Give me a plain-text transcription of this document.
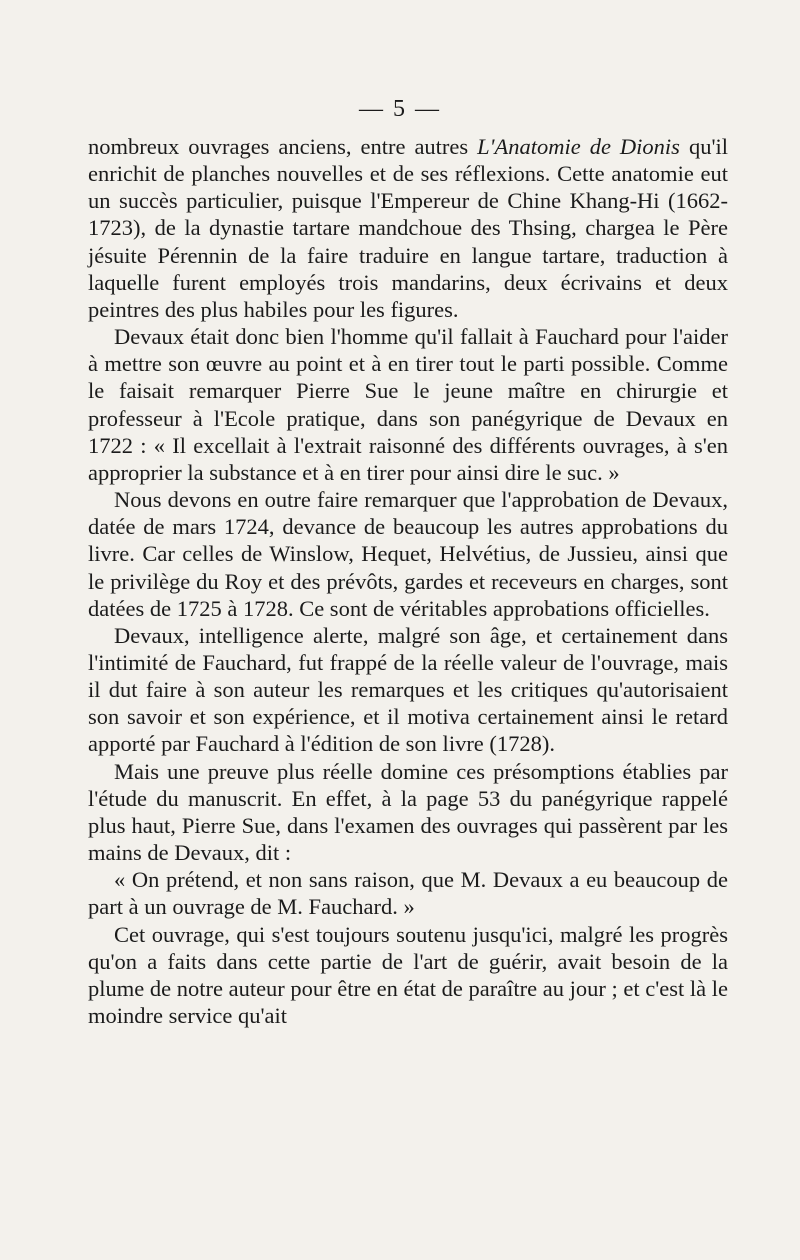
— 5 —

nombreux ouvrages anciens, entre autres L'Anatomie de Dionis qu'il enrichit de planches nouvelles et de ses réflexions. Cette anatomie eut un succès particulier, puisque l'Empereur de Chine Khang-Hi (1662-1723), de la dynastie tartare mandchoue des Thsing, chargea le Père jésuite Pérennin de la faire traduire en langue tartare, traduction à laquelle furent employés trois mandarins, deux écrivains et deux peintres des plus habiles pour les figures.

Devaux était donc bien l'homme qu'il fallait à Fauchard pour l'aider à mettre son œuvre au point et à en tirer tout le parti possible. Comme le faisait remarquer Pierre Sue le jeune maître en chirurgie et professeur à l'Ecole pratique, dans son panégyrique de Devaux en 1722 : « Il excellait à l'extrait raisonné des différents ouvrages, à s'en approprier la substance et à en tirer pour ainsi dire le suc. »

Nous devons en outre faire remarquer que l'approbation de Devaux, datée de mars 1724, devance de beaucoup les autres approbations du livre. Car celles de Winslow, Hequet, Helvétius, de Jussieu, ainsi que le privilège du Roy et des prévôts, gardes et receveurs en charges, sont datées de 1725 à 1728. Ce sont de véritables approbations officielles.

Devaux, intelligence alerte, malgré son âge, et certainement dans l'intimité de Fauchard, fut frappé de la réelle valeur de l'ouvrage, mais il dut faire à son auteur les remarques et les critiques qu'autorisaient son savoir et son expérience, et il motiva certainement ainsi le retard apporté par Fauchard à l'édition de son livre (1728).

Mais une preuve plus réelle domine ces présomptions établies par l'étude du manuscrit. En effet, à la page 53 du panégyrique rappelé plus haut, Pierre Sue, dans l'examen des ouvrages qui passèrent par les mains de Devaux, dit :

« On prétend, et non sans raison, que M. Devaux a eu beaucoup de part à un ouvrage de M. Fauchard. »

Cet ouvrage, qui s'est toujours soutenu jusqu'ici, malgré les progrès qu'on a faits dans cette partie de l'art de guérir, avait besoin de la plume de notre auteur pour être en état de paraître au jour ; et c'est là le moindre service qu'ait
